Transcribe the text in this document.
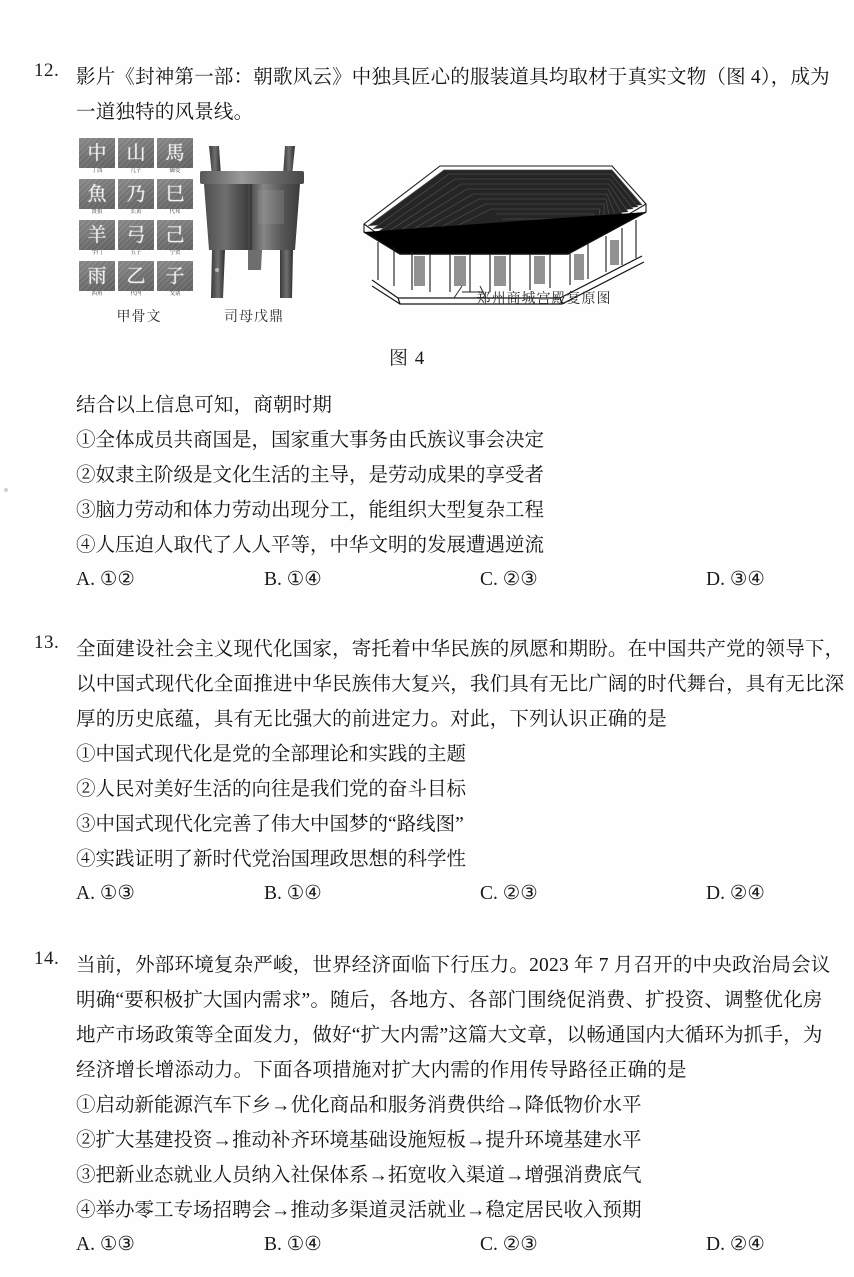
12. 影片《封神第一部：朝歌风云》中独具匠心的服装道具均取材于真实文物（图 4），成为
一道独特的风景线。
中
丁酉
山
几子
馬
御爱
魚
贤狼
乃
长黄
巳
代邦
羊
宇门
弓
五子
己
宁贺
雨
西角
乙
代内
子
戈诸
甲骨文	司母戊鼎
郑州商城宫殿复原图
图 4
结合以上信息可知，商朝时期
①全体成员共商国是，国家重大事务由氏族议事会决定
②奴隶主阶级是文化生活的主导，是劳动成果的享受者
③脑力劳动和体力劳动出现分工，能组织大型复杂工程
④人压迫人取代了人人平等，中华文明的发展遭遇逆流
A. ①②	B. ①④	C. ②③	D. ③④
13. 全面建设社会主义现代化国家，寄托着中华民族的夙愿和期盼。在中国共产党的领导下，
以中国式现代化全面推进中华民族伟大复兴，我们具有无比广阔的时代舞台，具有无比深
厚的历史底蕴，具有无比强大的前进定力。对此，下列认识正确的是
①中国式现代化是党的全部理论和实践的主题
②人民对美好生活的向往是我们党的奋斗目标
③中国式现代化完善了伟大中国梦的“路线图”
④实践证明了新时代党治国理政思想的科学性
A. ①③	B. ①④	C. ②③	D. ②④
14. 当前，外部环境复杂严峻，世界经济面临下行压力。2023 年 7 月召开的中央政治局会议
明确“要积极扩大国内需求”。随后，各地方、各部门围绕促消费、扩投资、调整优化房
地产市场政策等全面发力，做好“扩大内需”这篇大文章，以畅通国内大循环为抓手，为
经济增长增添动力。下面各项措施对扩大内需的作用传导路径正确的是
①启动新能源汽车下乡→优化商品和服务消费供给→降低物价水平
②扩大基建投资→推动补齐环境基础设施短板→提升环境基建水平
③把新业态就业人员纳入社保体系→拓宽收入渠道→增强消费底气
④举办零工专场招聘会→推动多渠道灵活就业→稳定居民收入预期
A. ①③	B. ①④	C. ②③	D. ②④
